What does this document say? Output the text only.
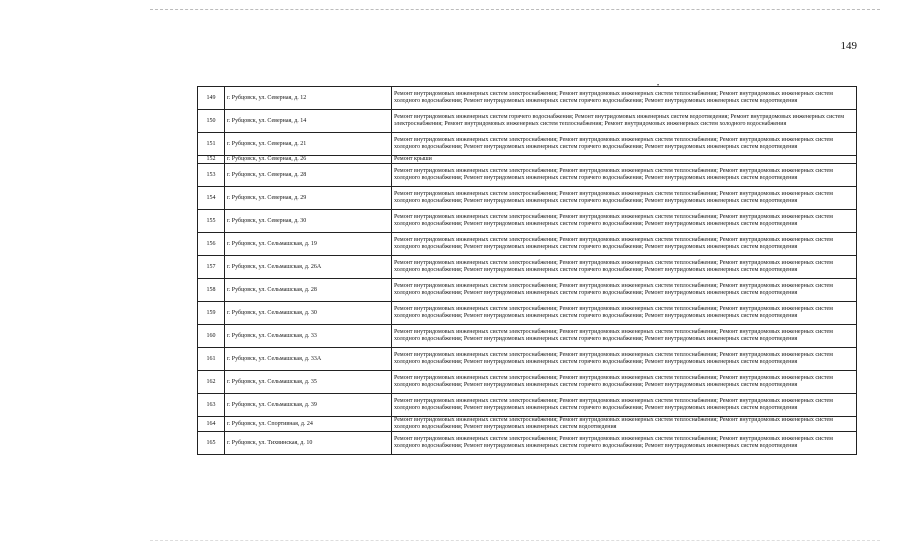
149
•
149	г. Рубцовск, ул. Северная, д. 12	Ремонт внутридомовых инженерных систем электроснабжения; Ремонт внутридомовых инженерных систем теплоснабжения; Ремонт внутридомовых инженерных систем холодного водоснабжения; Ремонт внутридомовых инженерных систем горячего водоснабжения; Ремонт внутридомовых инженерных систем водоотведения
150	г. Рубцовск, ул. Северная, д. 14	Ремонт внутридомовых инженерных систем горячего водоснабжения; Ремонт внутридомовых инженерных систем водоотведения; Ремонт внутридомовых инженерных систем электроснабжения; Ремонт внутридомовых инженерных систем теплоснабжения; Ремонт внутридомовых инженерных систем холодного водоснабжения
151	г. Рубцовск, ул. Северная, д. 21	Ремонт внутридомовых инженерных систем электроснабжения; Ремонт внутридомовых инженерных систем теплоснабжения; Ремонт внутридомовых инженерных систем холодного водоснабжения; Ремонт внутридомовых инженерных систем горячего водоснабжения; Ремонт внутридомовых инженерных систем водоотведения
152	г. Рубцовск, ул. Северная, д. 26	Ремонт крыши
153	г. Рубцовск, ул. Северная, д. 28	Ремонт внутридомовых инженерных систем электроснабжения; Ремонт внутридомовых инженерных систем теплоснабжения; Ремонт внутридомовых инженерных систем холодного водоснабжения; Ремонт внутридомовых инженерных систем горячего водоснабжения; Ремонт внутридомовых инженерных систем водоотведения
154	г. Рубцовск, ул. Северная, д. 29	Ремонт внутридомовых инженерных систем электроснабжения; Ремонт внутридомовых инженерных систем теплоснабжения; Ремонт внутридомовых инженерных систем холодного водоснабжения; Ремонт внутридомовых инженерных систем горячего водоснабжения; Ремонт внутридомовых инженерных систем водоотведения
155	г. Рубцовск, ул. Северная, д. 30	Ремонт внутридомовых инженерных систем электроснабжения; Ремонт внутридомовых инженерных систем теплоснабжения; Ремонт внутридомовых инженерных систем холодного водоснабжения; Ремонт внутридомовых инженерных систем горячего водоснабжения; Ремонт внутридомовых инженерных систем водоотведения
156	г. Рубцовск, ул. Сельмашская, д. 19	Ремонт внутридомовых инженерных систем электроснабжения; Ремонт внутридомовых инженерных систем теплоснабжения; Ремонт внутридомовых инженерных систем холодного водоснабжения; Ремонт внутридомовых инженерных систем горячего водоснабжения; Ремонт внутридомовых инженерных систем водоотведения
157	г. Рубцовск, ул. Сельмашская, д. 26А	Ремонт внутридомовых инженерных систем электроснабжения; Ремонт внутридомовых инженерных систем теплоснабжения; Ремонт внутридомовых инженерных систем холодного водоснабжения; Ремонт внутридомовых инженерных систем горячего водоснабжения; Ремонт внутридомовых инженерных систем водоотведения
158	г. Рубцовск, ул. Сельмашская, д. 28	Ремонт внутридомовых инженерных систем электроснабжения; Ремонт внутридомовых инженерных систем теплоснабжения; Ремонт внутридомовых инженерных систем холодного водоснабжения; Ремонт внутридомовых инженерных систем горячего водоснабжения; Ремонт внутридомовых инженерных систем водоотведения
159	г. Рубцовск, ул. Сельмашская, д. 30	Ремонт внутридомовых инженерных систем электроснабжения; Ремонт внутридомовых инженерных систем теплоснабжения; Ремонт внутридомовых инженерных систем холодного водоснабжения; Ремонт внутридомовых инженерных систем горячего водоснабжения; Ремонт внутридомовых инженерных систем водоотведения
160	г. Рубцовск, ул. Сельмашская, д. 33	Ремонт внутридомовых инженерных систем электроснабжения; Ремонт внутридомовых инженерных систем теплоснабжения; Ремонт внутридомовых инженерных систем холодного водоснабжения; Ремонт внутридомовых инженерных систем горячего водоснабжения; Ремонт внутридомовых инженерных систем водоотведения
161	г. Рубцовск, ул. Сельмашская, д. 33А	Ремонт внутридомовых инженерных систем электроснабжения; Ремонт внутридомовых инженерных систем теплоснабжения; Ремонт внутридомовых инженерных систем холодного водоснабжения; Ремонт внутридомовых инженерных систем горячего водоснабжения; Ремонт внутридомовых инженерных систем водоотведения
162	г. Рубцовск, ул. Сельмашская, д. 35	Ремонт внутридомовых инженерных систем электроснабжения; Ремонт внутридомовых инженерных систем теплоснабжения; Ремонт внутридомовых инженерных систем холодного водоснабжения; Ремонт внутридомовых инженерных систем горячего водоснабжения; Ремонт внутридомовых инженерных систем водоотведения
163	г. Рубцовск, ул. Сельмашская, д. 39	Ремонт внутридомовых инженерных систем электроснабжения; Ремонт внутридомовых инженерных систем теплоснабжения; Ремонт внутридомовых инженерных систем холодного водоснабжения; Ремонт внутридомовых инженерных систем горячего водоснабжения; Ремонт внутридомовых инженерных систем водоотведения
164	г. Рубцовск, ул. Спортивная, д. 24	Ремонт внутридомовых инженерных систем электроснабжения; Ремонт внутридомовых инженерных систем теплоснабжения; Ремонт внутридомовых инженерных систем холодного водоснабжения; Ремонт внутридомовых инженерных систем водоотведения
165	г. Рубцовск, ул. Тихвинская, д. 10	Ремонт внутридомовых инженерных систем электроснабжения; Ремонт внутридомовых инженерных систем теплоснабжения; Ремонт внутридомовых инженерных систем холодного водоснабжения; Ремонт внутридомовых инженерных систем горячего водоснабжения; Ремонт внутридомовых инженерных систем водоотведения
